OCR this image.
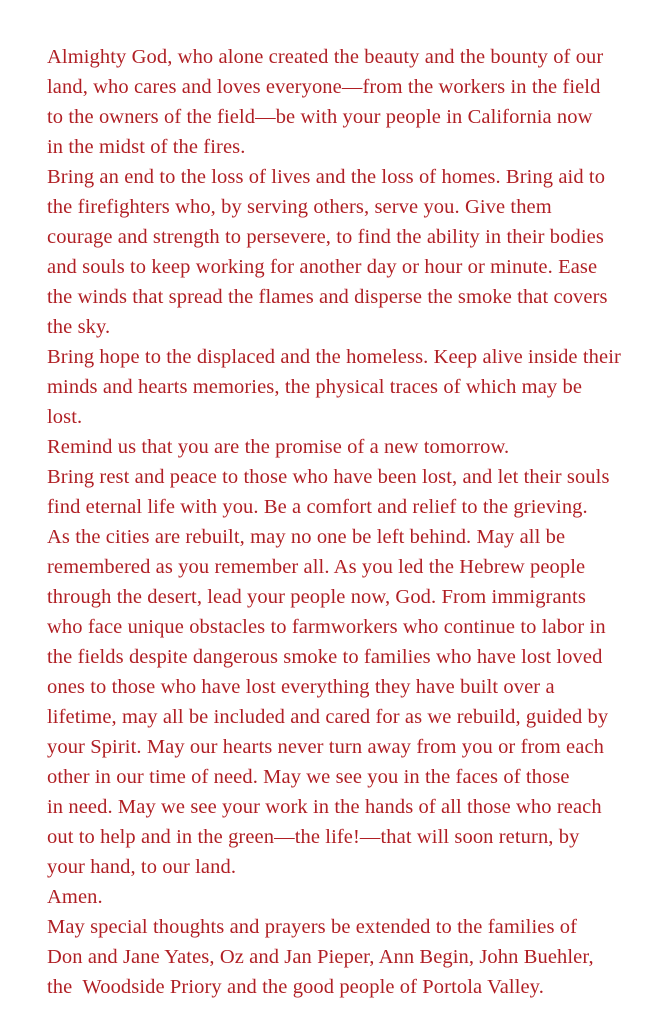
Almighty God, who alone created the beauty and the bounty of our
land, who cares and loves everyone—from the workers in the field
to the owners of the field—be with your people in California now
in the midst of the fires.
Bring an end to the loss of lives and the loss of homes. Bring aid to
the firefighters who, by serving others, serve you. Give them
courage and strength to persevere, to find the ability in their bodies
and souls to keep working for another day or hour or minute. Ease
the winds that spread the flames and disperse the smoke that covers
the sky.
Bring hope to the displaced and the homeless. Keep alive inside their
minds and hearts memories, the physical traces of which may be lost.
Remind us that you are the promise of a new tomorrow.
Bring rest and peace to those who have been lost, and let their souls
find eternal life with you. Be a comfort and relief to the grieving.
As the cities are rebuilt, may no one be left behind. May all be
remembered as you remember all. As you led the Hebrew people
through the desert, lead your people now, God. From immigrants
who face unique obstacles to farmworkers who continue to labor in
the fields despite dangerous smoke to families who have lost loved
ones to those who have lost everything they have built over a
lifetime, may all be included and cared for as we rebuild, guided by
your Spirit. May our hearts never turn away from you or from each
other in our time of need. May we see you in the faces of those
in need. May we see your work in the hands of all those who reach
out to help and in the green—the life!—that will soon return, by
your hand, to our land.
Amen.
May special thoughts and prayers be extended to the families of
Don and Jane Yates, Oz and Jan Pieper, Ann Begin, John Buehler,
the  Woodside Priory and the good people of Portola Valley.
